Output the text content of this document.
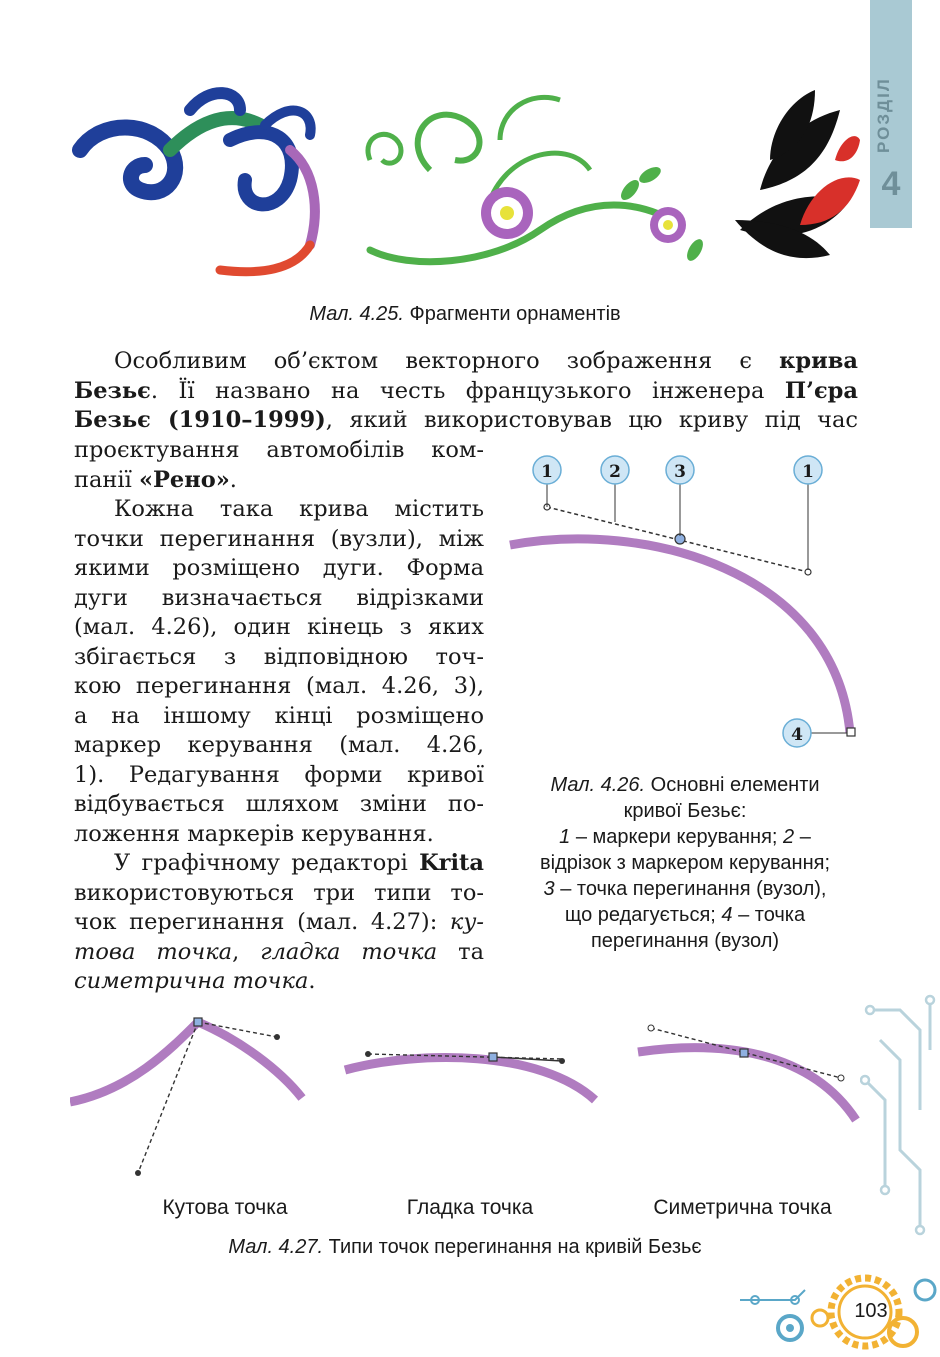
РОЗДІЛ
4
Мал. 4.25. Фрагменти орнаментів
Особливим об’єктом векторного зображення є крива
Безьє. Її названо на честь французького інженера П’єра
Безьє (1910–1999), який використовував цю криву під час
проєктування автомобілів ком-
панії «Рено».
Кожна така крива містить
точки перегинання (вузли), між
якими розміщено дуги. Форма
дуги визначається відрізками
(мал. 4.26), один кінець з яких
збігається з відповідною точ-
кою перегинання (мал. 4.26, 3),
а на іншому кінці розміщено
маркер керування (мал. 4.26,
1). Редагування форми кривої
відбувається шляхом зміни по-
ложення маркерів керування.
У графічному редакторі Krita
використовуються три типи то-
чок перегинання (мал. 4.27): ку-
това точка, гладка точка та
симетрична точка.
1	2	3	1
4
Мал. 4.26. Основні елементи
кривої Безьє:
1 – маркери керування; 2 –
відрізок з маркером керування;
3 – точка перегинання (вузол),
що редагується; 4 – точка
перегинання (вузол)
Кутова точка	Гладка точка	Симетрична точка
Мал. 4.27. Типи точок перегинання на кривій Безьє
103
